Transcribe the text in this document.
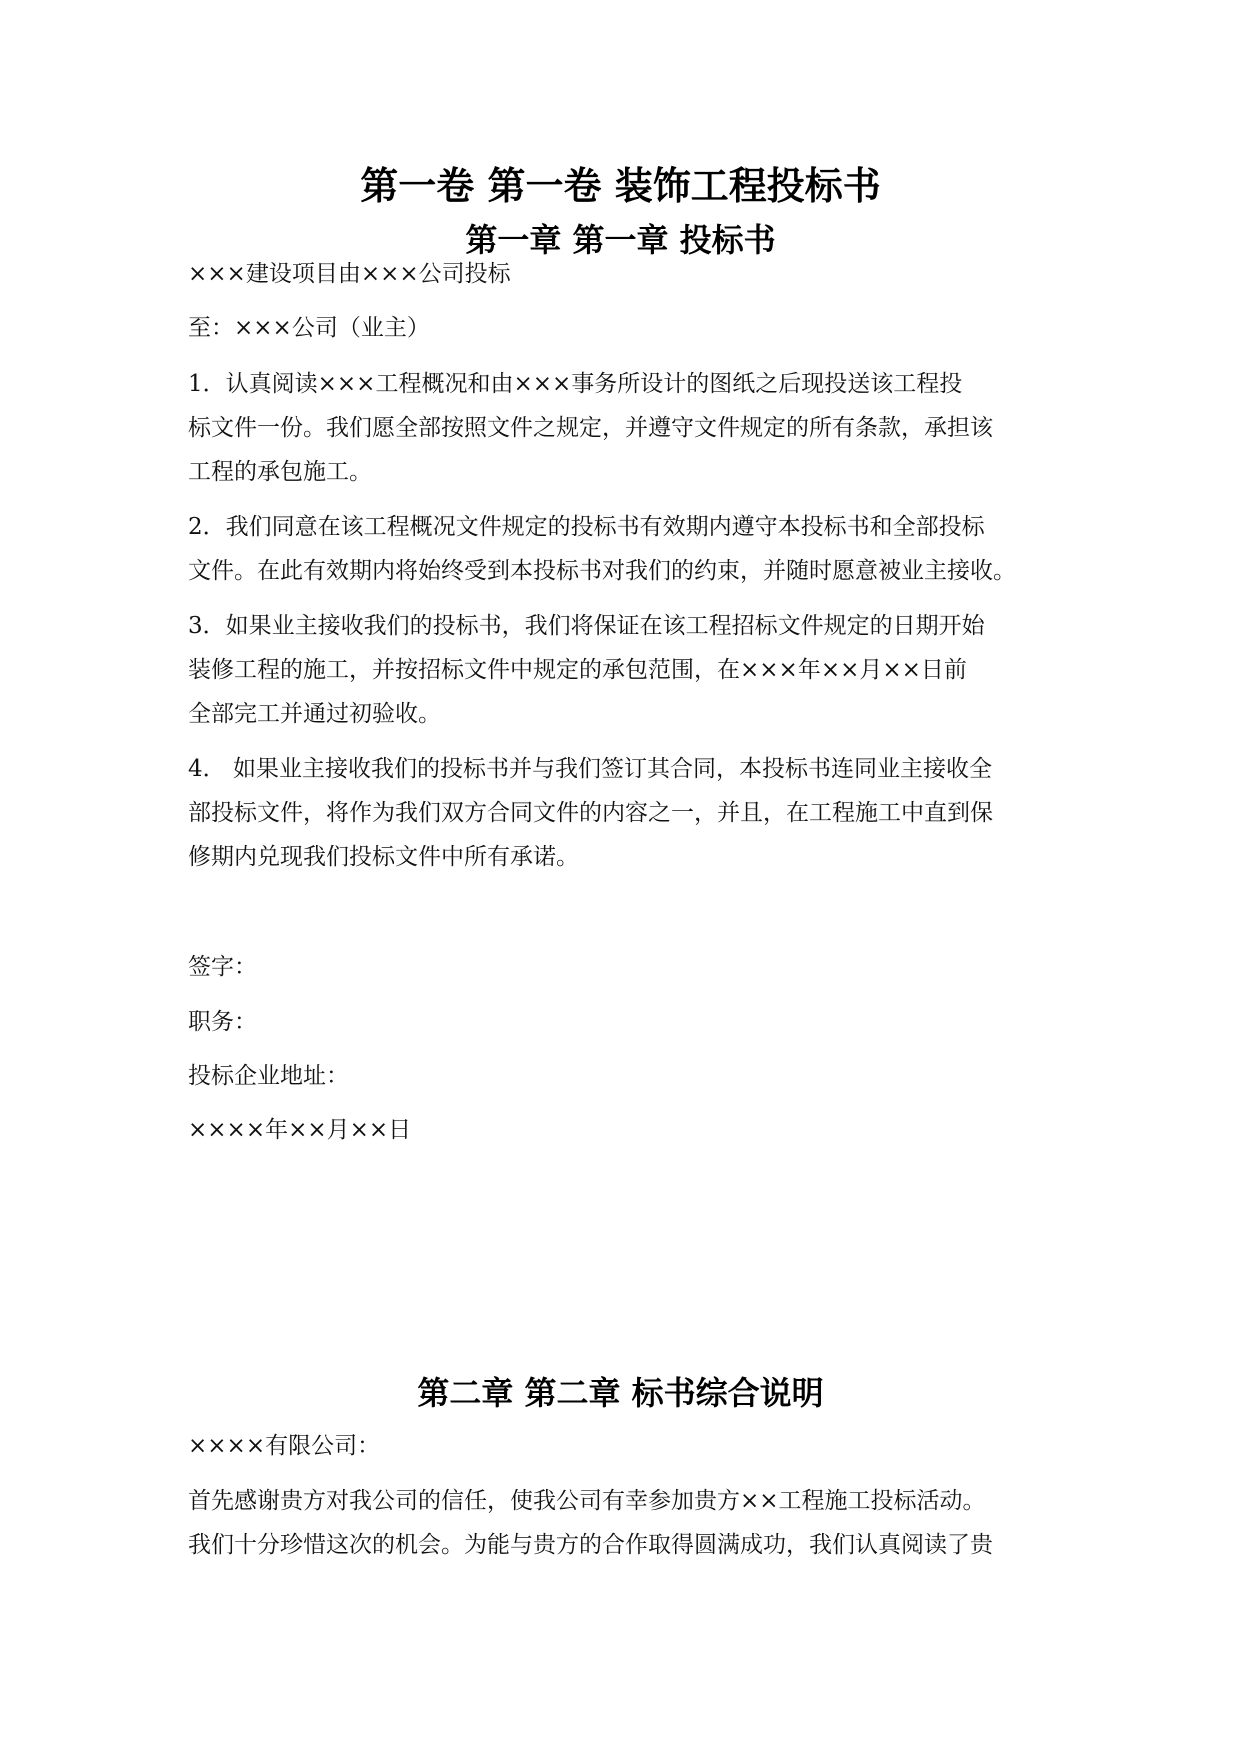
第一卷 第一卷 装饰工程投标书
第一章 第一章 投标书
×××建设项目由×××公司投标
至：×××公司（业主）
1．认真阅读×××工程概况和由×××事务所设计的图纸之后现投送该工程投
标文件一份。我们愿全部按照文件之规定，并遵守文件规定的所有条款，承担该
工程的承包施工。
2．我们同意在该工程概况文件规定的投标书有效期内遵守本投标书和全部投标
文件。在此有效期内将始终受到本投标书对我们的约束，并随时愿意被业主接收。
3．如果业主接收我们的投标书，我们将保证在该工程招标文件规定的日期开始
装修工程的施工，并按招标文件中规定的承包范围，在×××年××月××日前
全部完工并通过初验收。
4． 如果业主接收我们的投标书并与我们签订其合同，本投标书连同业主接收全
部投标文件，将作为我们双方合同文件的内容之一，并且，在工程施工中直到保
修期内兑现我们投标文件中所有承诺。
签字：
职务：
投标企业地址：
××××年××月××日
第二章 第二章 标书综合说明
××××有限公司：
首先感谢贵方对我公司的信任，使我公司有幸参加贵方××工程施工投标活动。
我们十分珍惜这次的机会。为能与贵方的合作取得圆满成功，我们认真阅读了贵
